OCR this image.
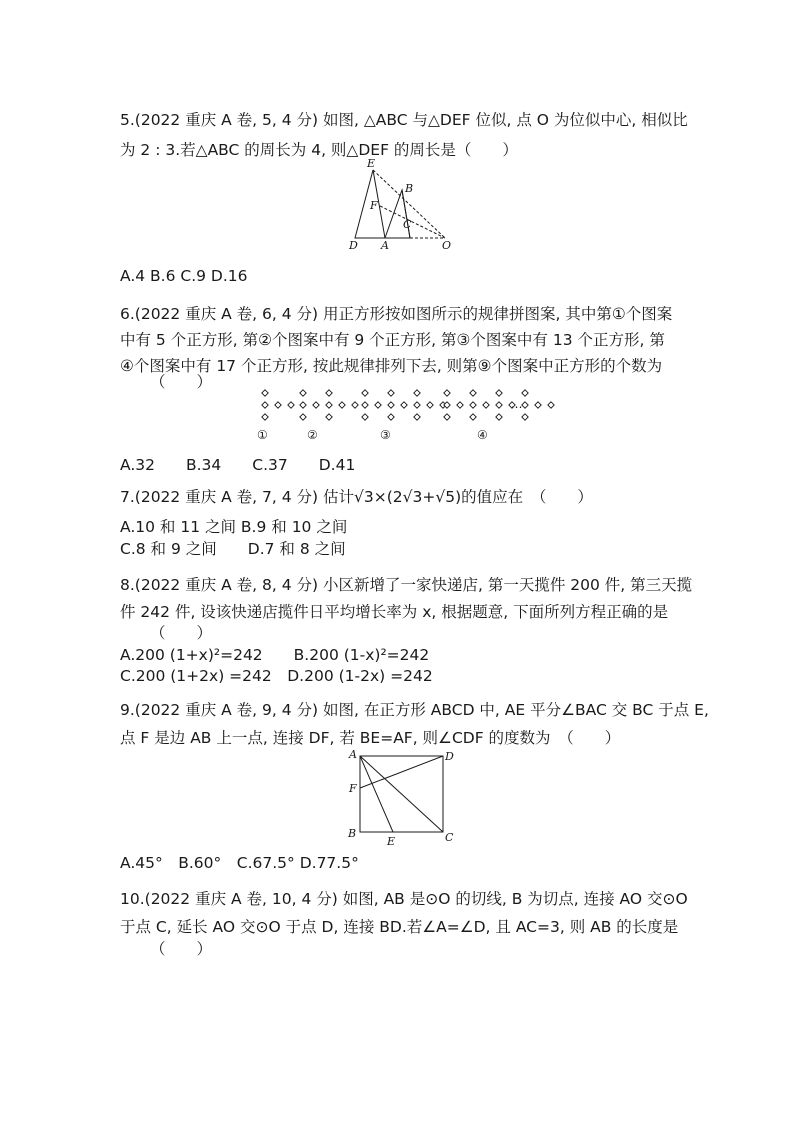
5.(2022 重庆 A 卷, 5, 4 分) 如图, △ABC 与△DEF 位似, 点 O 为位似中心, 相似比
为 2 : 3.若△ABC 的周长为 4, 则△DEF 的周长是（　　）
E
B
F
C
D A	O
A.4 B.6 C.9 D.16
6.(2022 重庆 A 卷, 6, 4 分) 用正方形按如图所示的规律拼图案, 其中第①个图案
中有 5 个正方形, 第②个图案中有 9 个正方形, 第③个图案中有 13 个正方形, 第
④个图案中有 17 个正方形, 按此规律排列下去, 则第⑨个图案中正方形的个数为
（　　）
…
①	②	③	④
A.32　　B.34　　C.37　　D.41
7.(2022 重庆 A 卷, 7, 4 分) 估计√3×(2√3+√5)的值应在　（　　）
A.10 和 11 之间 B.9 和 10 之间
C.8 和 9 之间　　D.7 和 8 之间
8.(2022 重庆 A 卷, 8, 4 分) 小区新增了一家快递店, 第一天揽件 200 件, 第三天揽
件 242 件, 设该快递店揽件日平均增长率为 x, 根据题意, 下面所列方程正确的是
（　　）
A.200 (1+x)²=242　　B.200 (1-x)²=242
C.200 (1+2x) =242　D.200 (1-2x) =242
9.(2022 重庆 A 卷, 9, 4 分) 如图, 在正方形 ABCD 中, AE 平分∠BAC 交 BC 于点 E,
点 F 是边 AB 上一点, 连接 DF, 若 BE=AF, 则∠CDF 的度数为　（　　）
A	D
F
B
E	C
A.45°　B.60°　C.67.5° D.77.5°
10.(2022 重庆 A 卷, 10, 4 分) 如图, AB 是⊙O 的切线, B 为切点, 连接 AO 交⊙O
于点 C, 延长 AO 交⊙O 于点 D, 连接 BD.若∠A=∠D, 且 AC=3, 则 AB 的长度是
（　　）
